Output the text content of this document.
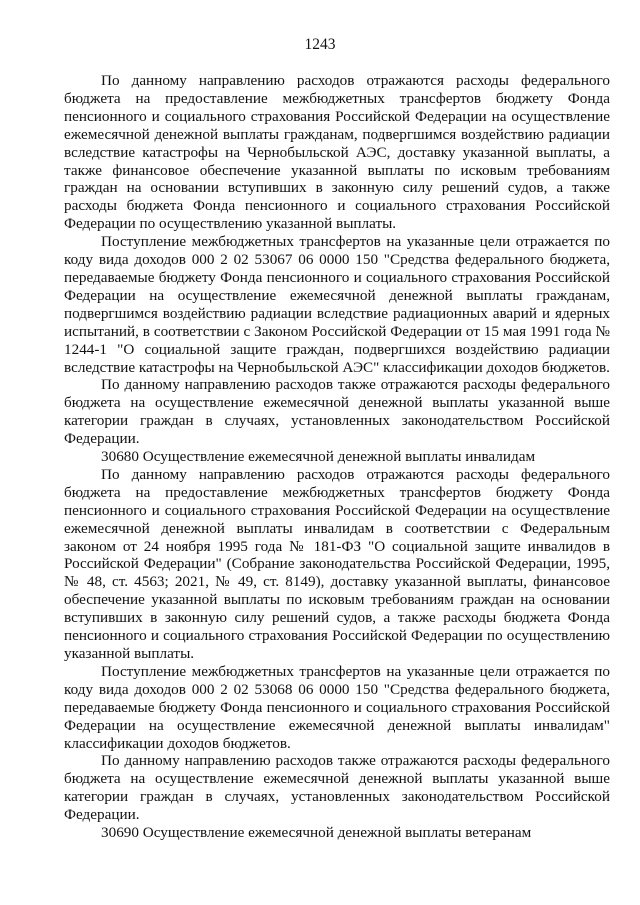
1243

По данному направлению расходов отражаются расходы федерального бюджета на предоставление межбюджетных трансфертов бюджету Фонда пенсионного и социального страхования Российской Федерации на осуществление ежемесячной денежной выплаты гражданам, подвергшимся воздействию радиации вследствие катастрофы на Чернобыльской АЭС, доставку указанной выплаты, а также финансовое обеспечение указанной выплаты по исковым требованиям граждан на основании вступивших в законную силу решений судов, а также расходы бюджета Фонда пенсионного и социального страхования Российской Федерации по осуществлению указанной выплаты.

Поступление межбюджетных трансфертов на указанные цели отражается по коду вида доходов 000 2 02 53067 06 0000 150 "Средства федерального бюджета, передаваемые бюджету Фонда пенсионного и социального страхования Российской Федерации на осуществление ежемесячной денежной выплаты гражданам, подвергшимся воздействию радиации вследствие радиационных аварий и ядерных испытаний, в соответствии с Законом Российской Федерации от 15 мая 1991 года № 1244-1 "О социальной защите граждан, подвергшихся воздействию радиации вследствие катастрофы на Чернобыльской АЭС" классификации доходов бюджетов.

По данному направлению расходов также отражаются расходы федерального бюджета на осуществление ежемесячной денежной выплаты указанной выше категории граждан в случаях, установленных законодательством Российской Федерации.

30680 Осуществление ежемесячной денежной выплаты инвалидам

По данному направлению расходов отражаются расходы федерального бюджета на предоставление межбюджетных трансфертов бюджету Фонда пенсионного и социального страхования Российской Федерации на осуществление ежемесячной денежной выплаты инвалидам в соответствии с Федеральным законом от 24 ноября 1995 года № 181-ФЗ "О социальной защите инвалидов в Российской Федерации" (Собрание законодательства Российской Федерации, 1995, № 48, ст. 4563; 2021, № 49, ст. 8149), доставку указанной выплаты, финансовое обеспечение указанной выплаты по исковым требованиям граждан на основании вступивших в законную силу решений судов, а также расходы бюджета Фонда пенсионного и социального страхования Российской Федерации по осуществлению указанной выплаты.

Поступление межбюджетных трансфертов на указанные цели отражается по коду вида доходов 000 2 02 53068 06 0000 150 "Средства федерального бюджета, передаваемые бюджету Фонда пенсионного и социального страхования Российской Федерации на осуществление ежемесячной денежной выплаты инвалидам" классификации доходов бюджетов.

По данному направлению расходов также отражаются расходы федерального бюджета на осуществление ежемесячной денежной выплаты указанной выше категории граждан в случаях, установленных законодательством Российской Федерации.

30690 Осуществление ежемесячной денежной выплаты ветеранам
